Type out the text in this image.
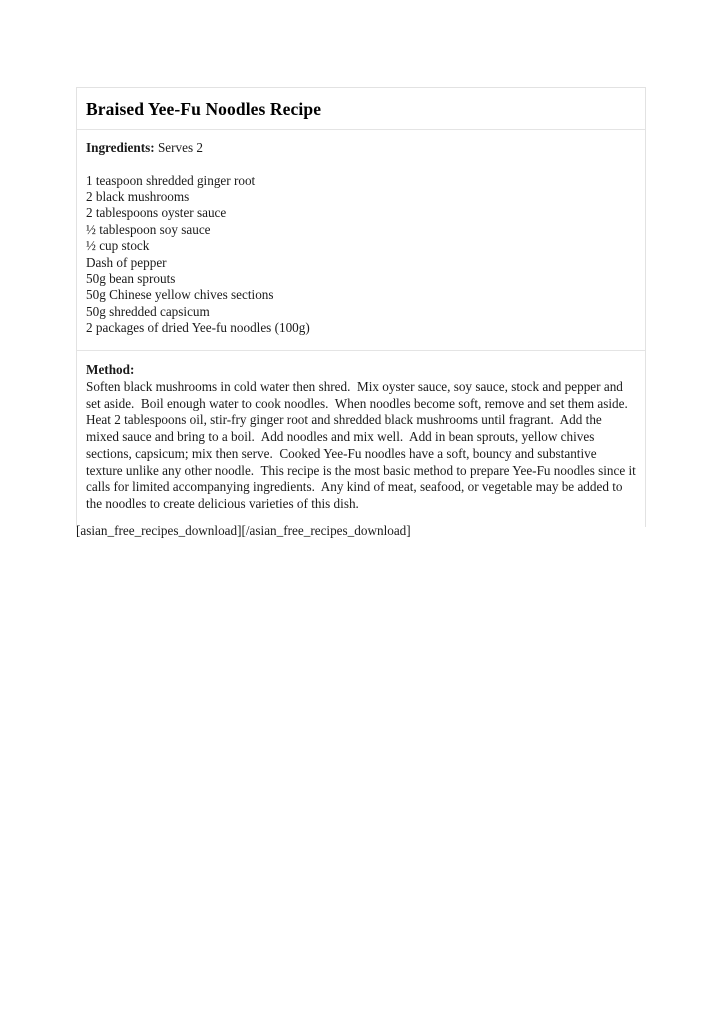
Braised Yee-Fu Noodles Recipe

Ingredients: Serves 2

1 teaspoon shredded ginger root
2 black mushrooms
2 tablespoons oyster sauce
½ tablespoon soy sauce
½ cup stock
Dash of pepper
50g bean sprouts
50g Chinese yellow chives sections
50g shredded capsicum
2 packages of dried Yee-fu noodles (100g)

Method:

Soften black mushrooms in cold water then shred.  Mix oyster sauce, soy sauce, stock and pepper and set aside.  Boil enough water to cook noodles.  When noodles become soft, remove and set them aside.  Heat 2 tablespoons oil, stir-fry ginger root and shredded black mushrooms until fragrant.  Add the mixed sauce and bring to a boil.  Add noodles and mix well.  Add in bean sprouts, yellow chives sections, capsicum; mix then serve.  Cooked Yee-Fu noodles have a soft, bouncy and substantive texture unlike any other noodle.  This recipe is the most basic method to prepare Yee-Fu noodles since it calls for limited accompanying ingredients.  Any kind of meat, seafood, or vegetable may be added to the noodles to create delicious varieties of this dish.

[asian_free_recipes_download][/asian_free_recipes_download]
